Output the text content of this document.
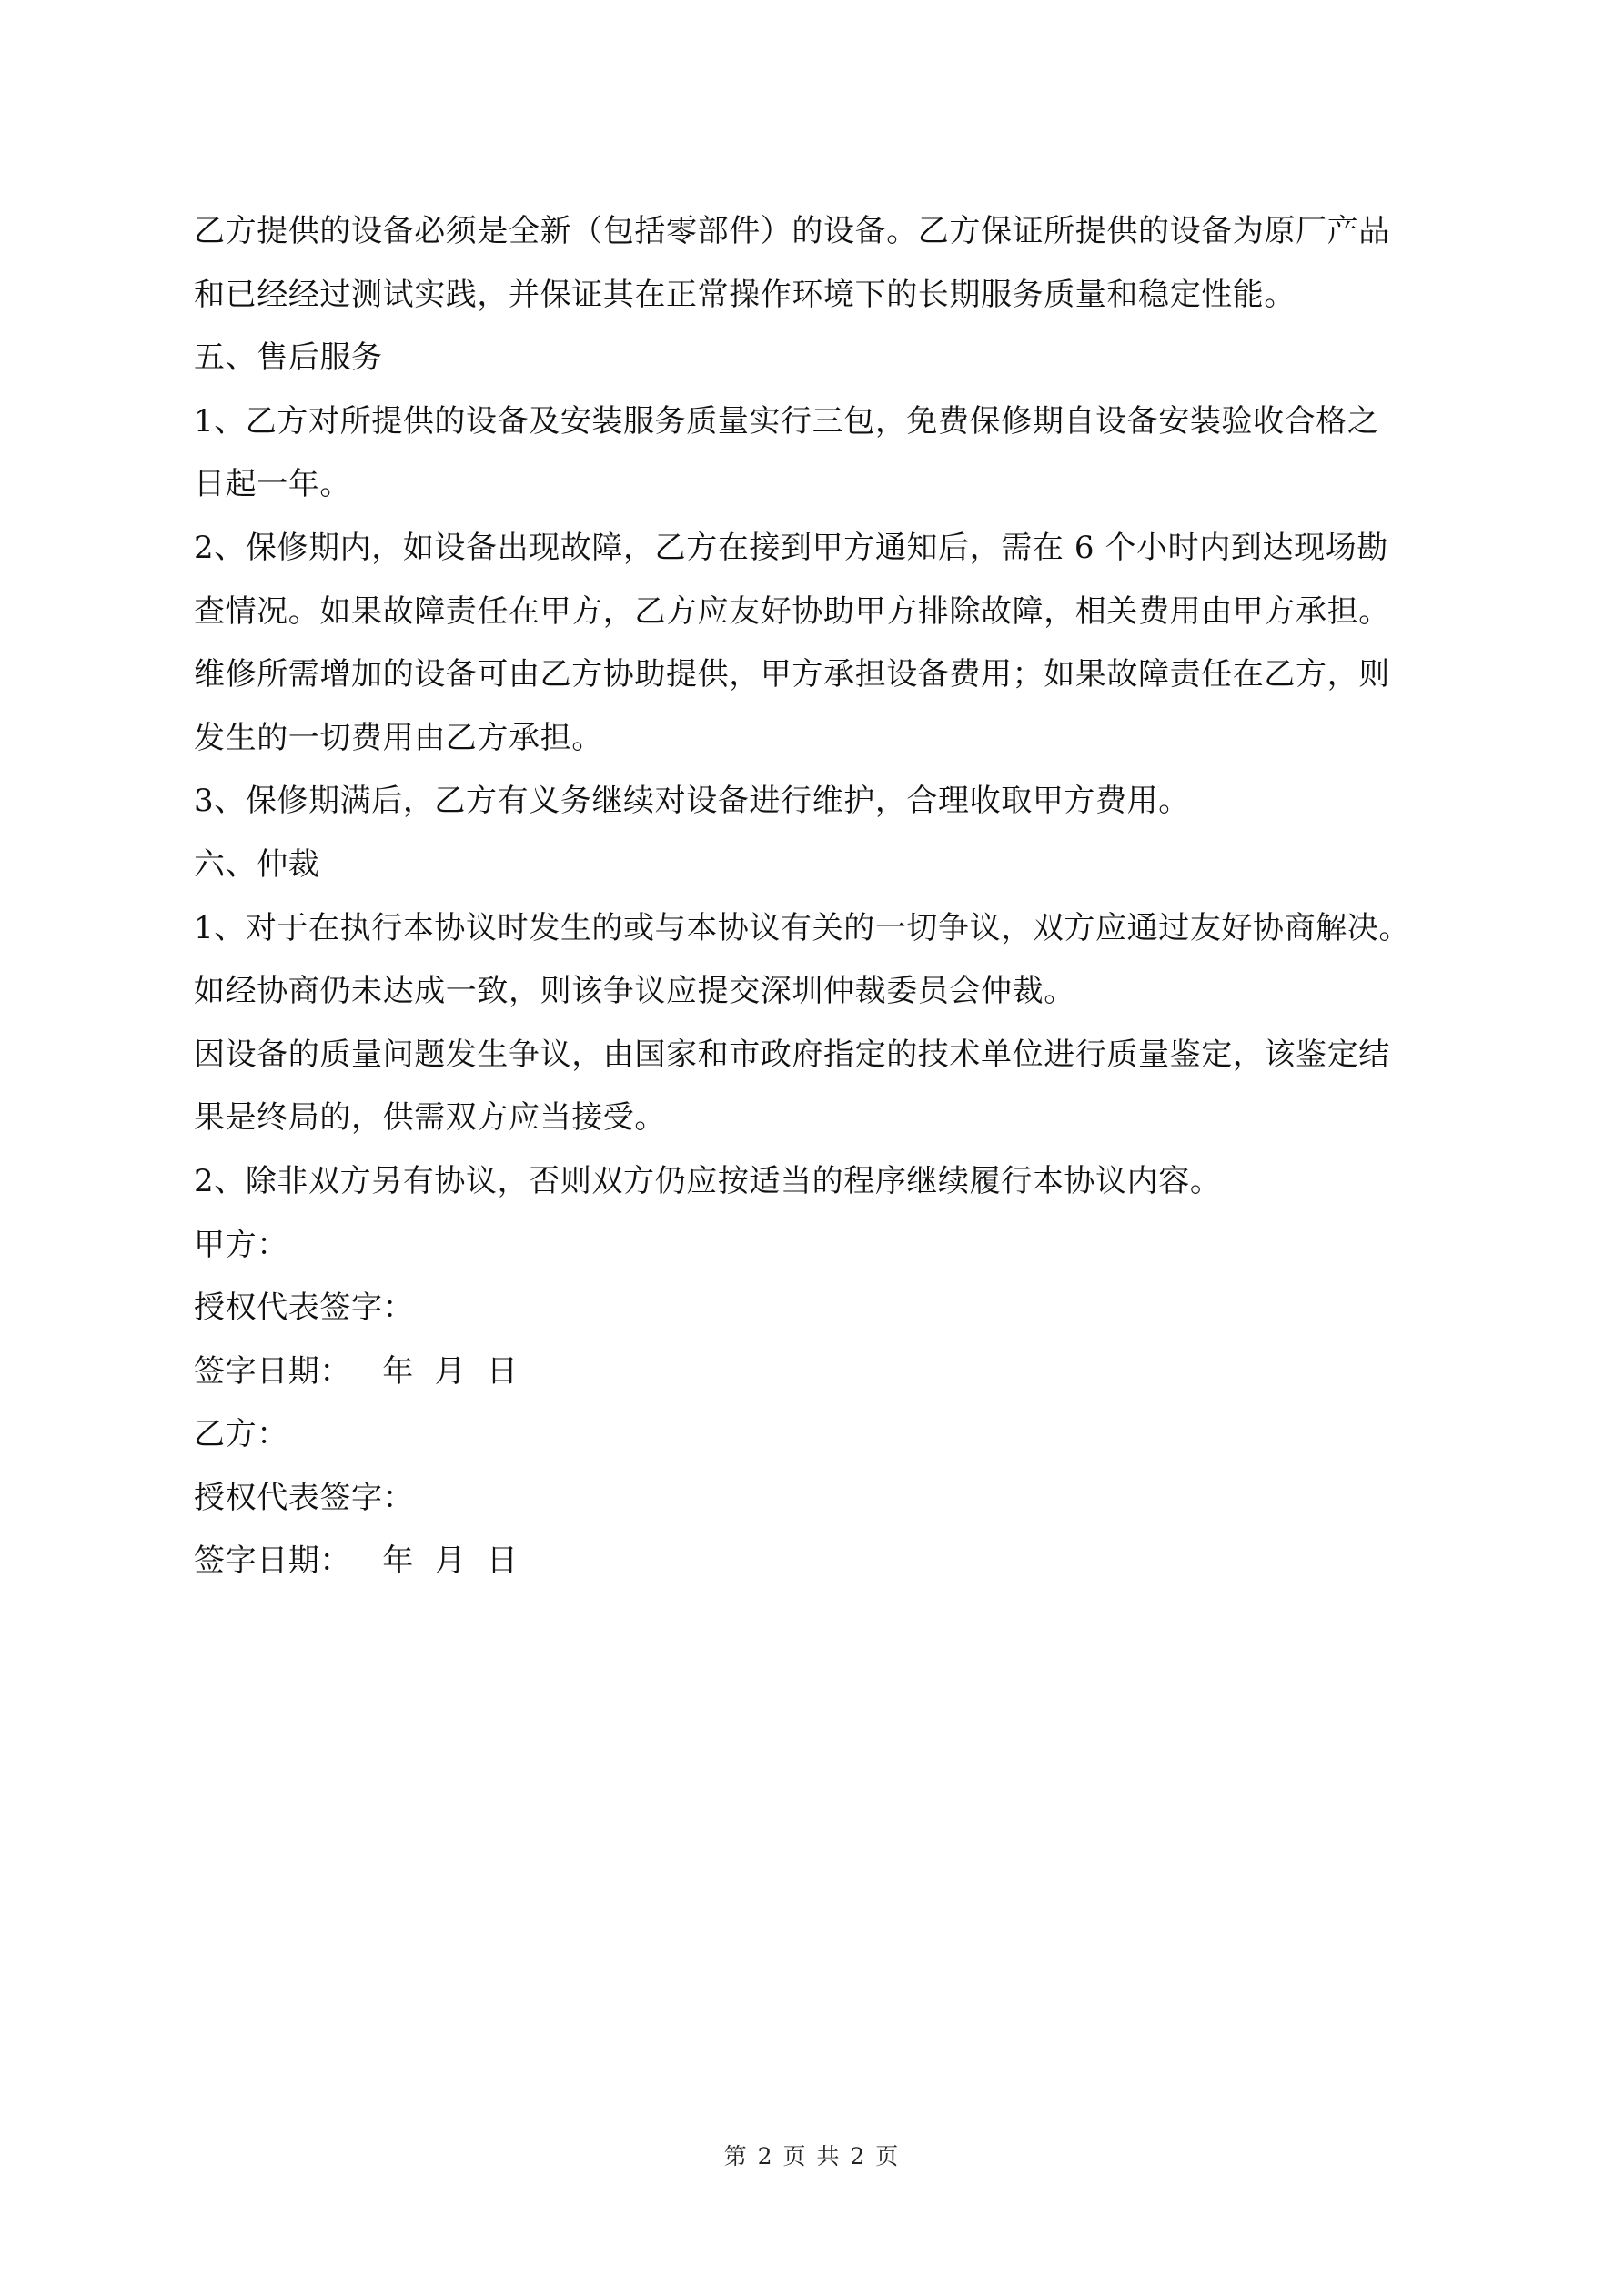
乙方提供的设备必须是全新（包括零部件）的设备。乙方保证所提供的设备为原厂产品
和已经经过测试实践，并保证其在正常操作环境下的长期服务质量和稳定性能。
五、售后服务
1、乙方对所提供的设备及安装服务质量实行三包，免费保修期自设备安装验收合格之
日起一年。
2、保修期内，如设备出现故障，乙方在接到甲方通知后，需在 6 个小时内到达现场勘
查情况。如果故障责任在甲方，乙方应友好协助甲方排除故障，相关费用由甲方承担。
维修所需增加的设备可由乙方协助提供，甲方承担设备费用；如果故障责任在乙方，则
发生的一切费用由乙方承担。
3、保修期满后，乙方有义务继续对设备进行维护，合理收取甲方费用。
六、仲裁
1、对于在执行本协议时发生的或与本协议有关的一切争议，双方应通过友好协商解决。
如经协商仍未达成一致，则该争议应提交深圳仲裁委员会仲裁。
因设备的质量问题发生争议，由国家和市政府指定的技术单位进行质量鉴定，该鉴定结
果是终局的，供需双方应当接受。
2、除非双方另有协议，否则双方仍应按适当的程序继续履行本协议内容。
甲方：
授权代表签字：
签字日期：   年  月  日
乙方：
授权代表签字：
签字日期：   年  月  日
第 2 页 共 2 页
